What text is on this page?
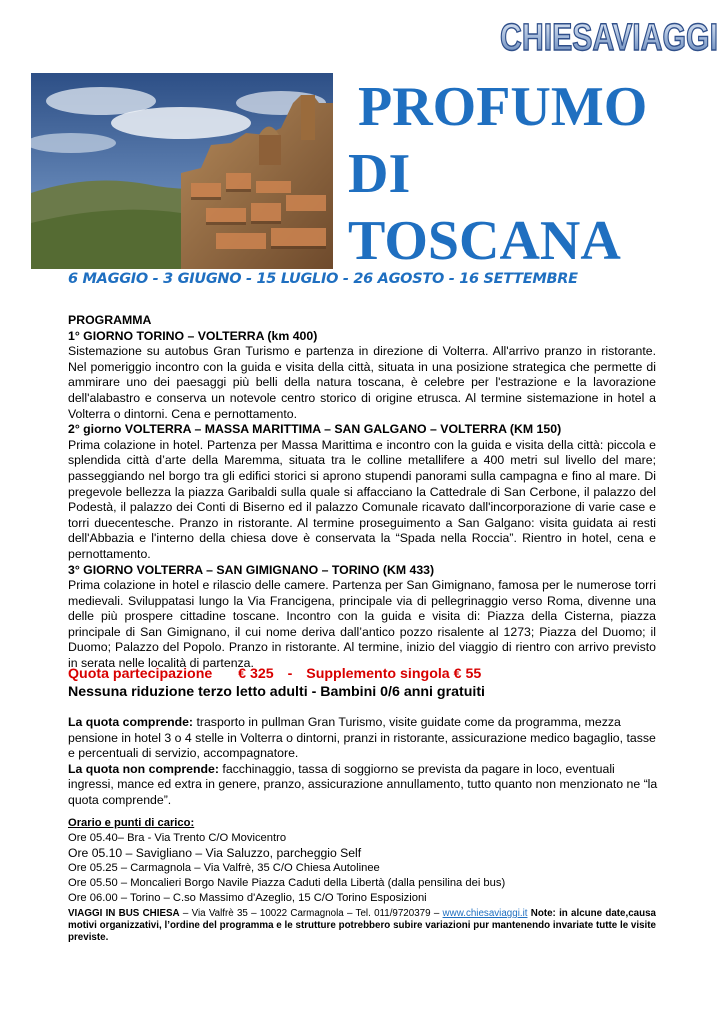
CHIESAVIAGGI
PROFUMO
DI
TOSCANA
6 MAGGIO - 3 GIUGNO - 15 LUGLIO - 26 AGOSTO - 16 SETTEMBRE
PROGRAMMA
1° GIORNO TORINO – VOLTERRA (km 400)

Sistemazione su autobus Gran Turismo e partenza in direzione di Volterra. All'arrivo pranzo in ristorante. Nel pomeriggio incontro con la guida e visita della città, situata in una posizione strategica che permette di ammirare uno dei paesaggi più belli della natura toscana, è celebre per l'estrazione e la lavorazione dell'alabastro e conserva un notevole centro storico di origine etrusca. Al termine sistemazione in hotel a Volterra o dintorni. Cena e pernottamento.

2° giorno VOLTERRA – MASSA MARITTIMA – SAN GALGANO – VOLTERRA (KM 150)

Prima colazione in hotel. Partenza per Massa Marittima e incontro con la guida e visita della città: piccola e splendida città d’arte della Maremma, situata tra le colline metallifere a 400 metri sul livello del mare; passeggiando nel borgo tra gli edifici storici si aprono stupendi panorami sulla campagna e fino al mare. Di pregevole bellezza la piazza Garibaldi sulla quale si affacciano la Cattedrale di San Cerbone, il palazzo del Podestà, il palazzo dei Conti di Biserno ed il palazzo Comunale ricavato dall'incorporazione di varie case e torri duecentesche. Pranzo in ristorante. Al termine proseguimento a San Galgano: visita guidata ai resti dell'Abbazia e l'interno della chiesa dove è conservata la “Spada nella Roccia”. Rientro in hotel, cena e pernottamento.

3° GIORNO VOLTERRA – SAN GIMIGNANO – TORINO (KM 433)

Prima colazione in hotel e rilascio delle camere. Partenza per San Gimignano, famosa per le numerose torri medievali. Sviluppatasi lungo la Via Francigena, principale via di pellegrinaggio verso Roma, divenne una delle più prospere cittadine toscane. Incontro con la guida e visita di: Piazza della Cisterna, piazza principale di San Gimignano, il cui nome deriva dall’antico pozzo risalente al 1273; Piazza del Duomo; il Duomo; Palazzo del Popolo. Pranzo in ristorante. Al termine, inizio del viaggio di rientro con arrivo previsto in serata nelle località di partenza.

Quota partecipazione € 325 - Supplemento singola € 55
Nessuna riduzione terzo letto adulti - Bambini 0/6 anni gratuiti

La quota comprende: trasporto in pullman Gran Turismo, visite guidate come da programma, mezza pensione in hotel 3 o 4 stelle in Volterra o dintorni, pranzi in ristorante, assicurazione medico bagaglio, tasse e percentuali di servizio, accompagnatore.

La quota non comprende: facchinaggio, tassa di soggiorno se prevista da pagare in loco, eventuali ingressi, mance ed extra in genere, pranzo, assicurazione annullamento, tutto quanto non menzionato ne “la quota comprende”.

Orario e punti di carico:
Ore 05.40– Bra - Via Trento C/O Movicentro
Ore 05.10 – Savigliano – Via Saluzzo, parcheggio Self
Ore 05.25 – Carmagnola – Via Valfrè, 35 C/O Chiesa Autolinee
Ore 05.50 – Moncalieri Borgo Navile Piazza Caduti della Libertà (dalla pensilina dei bus)
Ore 06.00 – Torino – C.so Massimo d'Azeglio, 15 C/O Torino Esposizioni
VIAGGI IN BUS CHIESA – Via Valfrè 35 – 10022 Carmagnola – Tel. 011/9720379 – www.chiesaviaggi.it Note: in alcune date,causa motivi organizzativi, l’ordine del programma e le strutture potrebbero subire variazioni pur mantenendo invariate tutte le visite previste.
